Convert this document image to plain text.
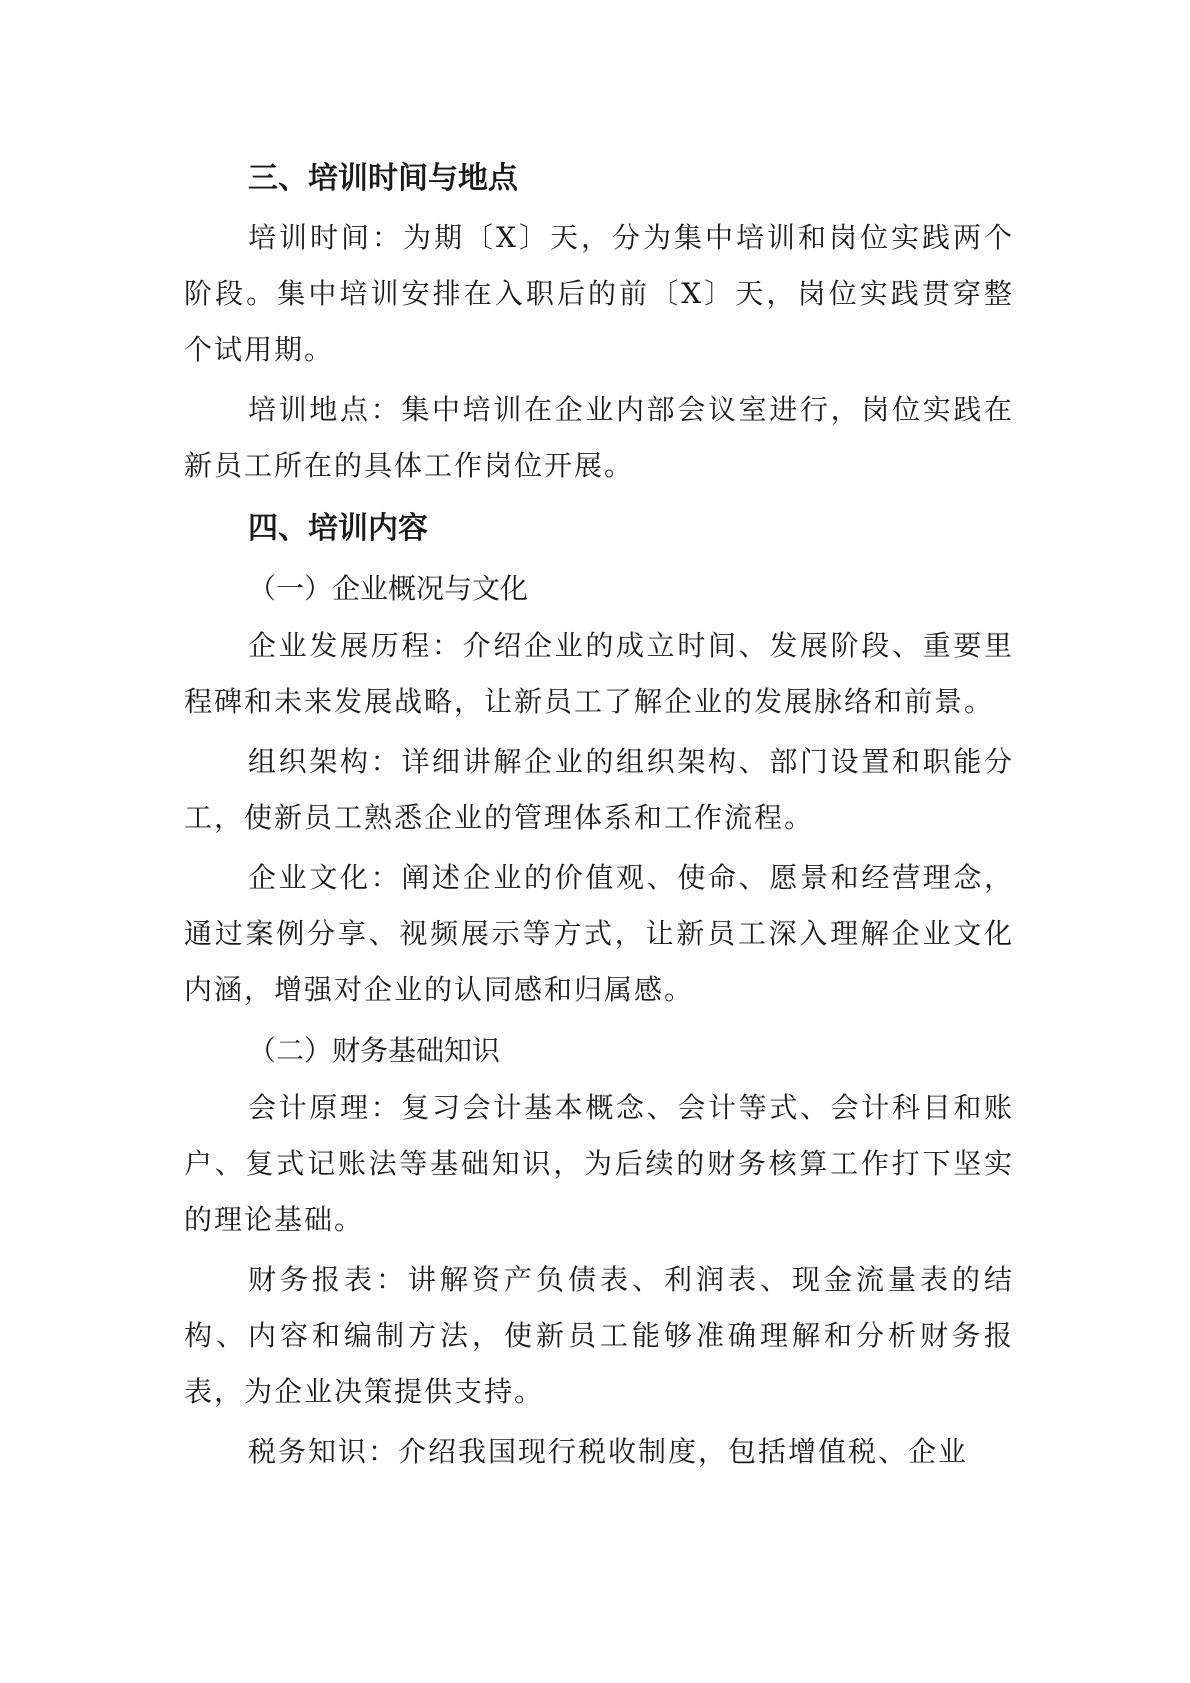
三、培训时间与地点

培训时间：为期〔X〕天，分为集中培训和岗位实践两个阶段。集中培训安排在入职后的前〔X〕天，岗位实践贯穿整个试用期。

培训地点：集中培训在企业内部会议室进行，岗位实践在新员工所在的具体工作岗位开展。

四、培训内容
（一）企业概况与文化

企业发展历程：介绍企业的成立时间、发展阶段、重要里程碑和未来发展战略，让新员工了解企业的发展脉络和前景。

组织架构：详细讲解企业的组织架构、部门设置和职能分工，使新员工熟悉企业的管理体系和工作流程。

企业文化：阐述企业的价值观、使命、愿景和经营理念，通过案例分享、视频展示等方式，让新员工深入理解企业文化内涵，增强对企业的认同感和归属感。

（二）财务基础知识

会计原理：复习会计基本概念、会计等式、会计科目和账户、复式记账法等基础知识，为后续的财务核算工作打下坚实的理论基础。

财务报表：讲解资产负债表、利润表、现金流量表的结构、内容和编制方法，使新员工能够准确理解和分析财务报表，为企业决策提供支持。

税务知识：介绍我国现行税收制度，包括增值税、企业
